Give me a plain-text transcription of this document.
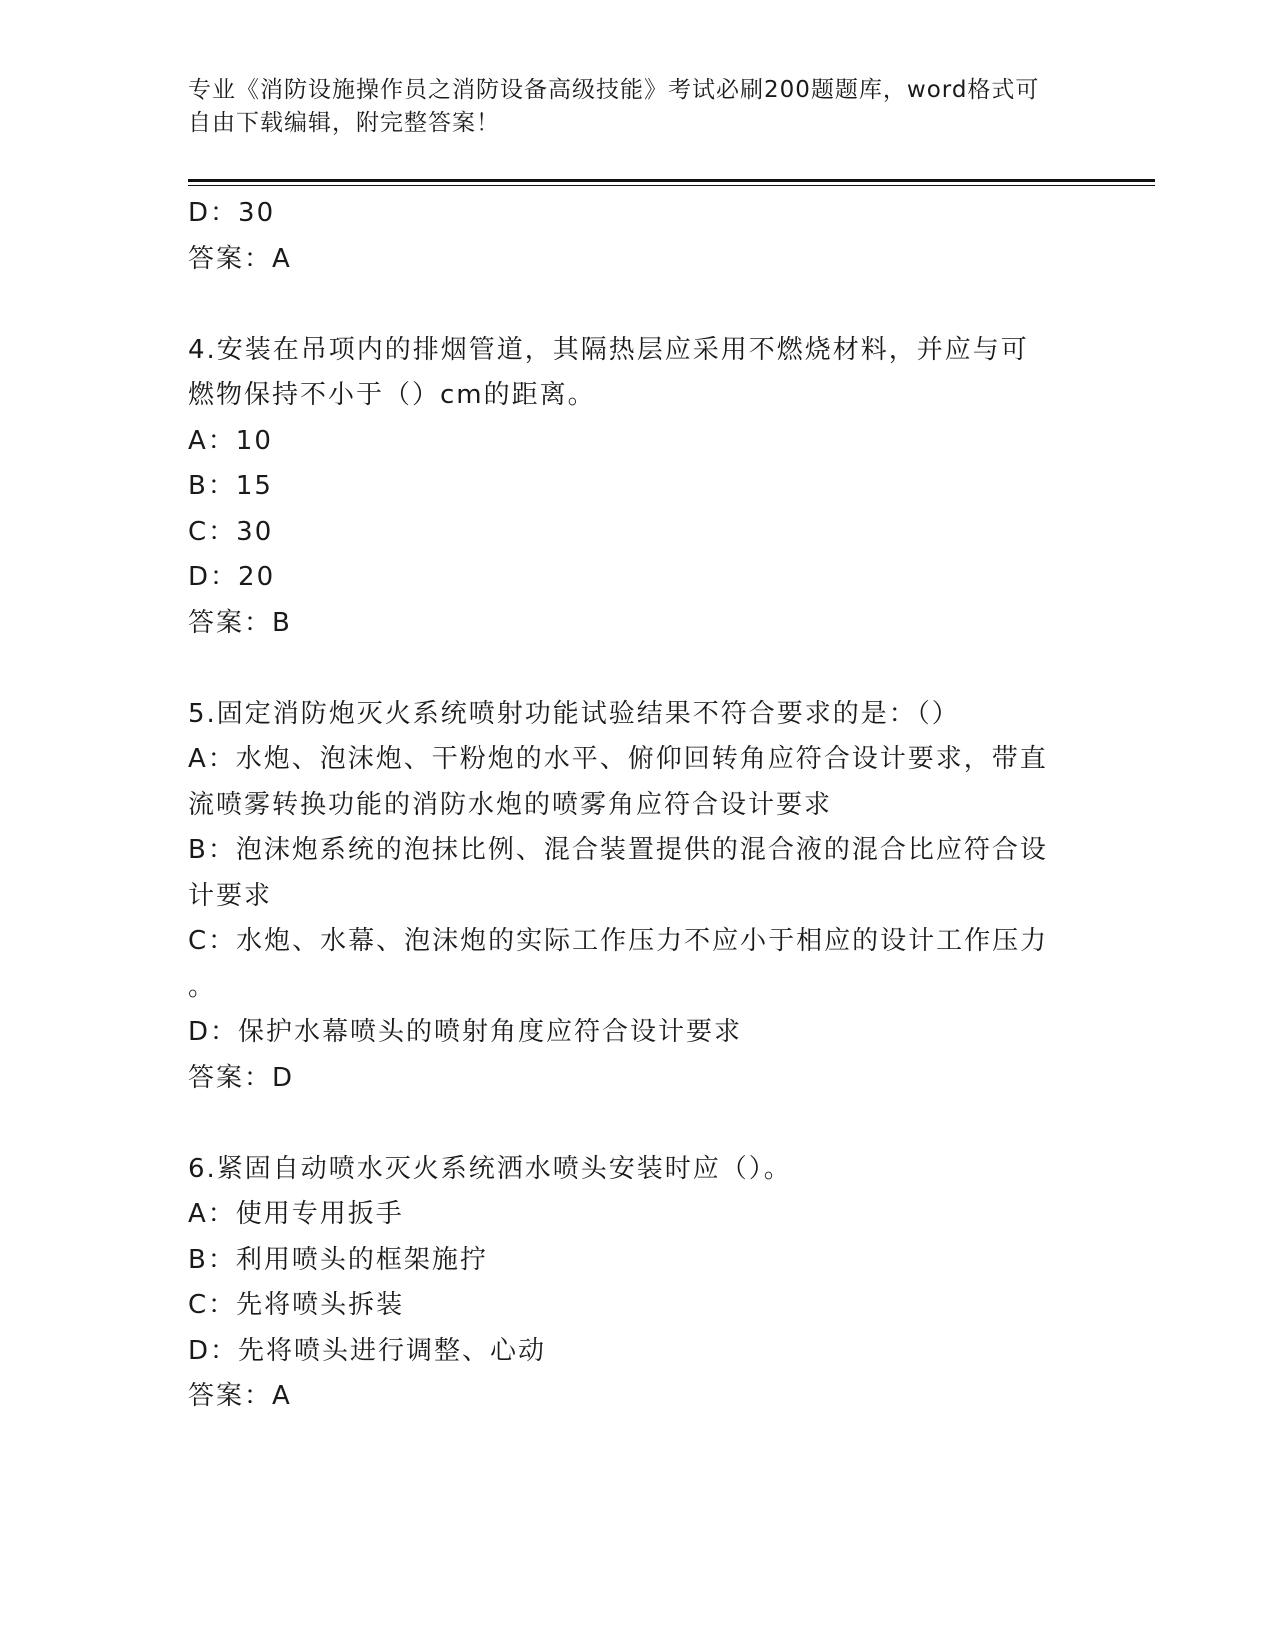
专业《消防设施操作员之消防设备高级技能》考试必刷200题题库，word格式可
自由下载编辑，附完整答案！
D：30
答案：A
4.安装在吊项内的排烟管道，其隔热层应采用不燃烧材料，并应与可
燃物保持不小于（）cm的距离。
A：10
B：15
C：30
D：20
答案：B
5.固定消防炮灭火系统喷射功能试验结果不符合要求的是：（）
A：水炮、泡沫炮、干粉炮的水平、俯仰回转角应符合设计要求，带直
流喷雾转换功能的消防水炮的喷雾角应符合设计要求
B：泡沫炮系统的泡抹比例、混合装置提供的混合液的混合比应符合设
计要求
C：水炮、水幕、泡沫炮的实际工作压力不应小于相应的设计工作压力
。
D：保护水幕喷头的喷射角度应符合设计要求
答案：D
6.紧固自动喷水灭火系统洒水喷头安装时应（）。
A：使用专用扳手
B：利用喷头的框架施拧
C：先将喷头拆装
D：先将喷头进行调整、心动
答案：A
